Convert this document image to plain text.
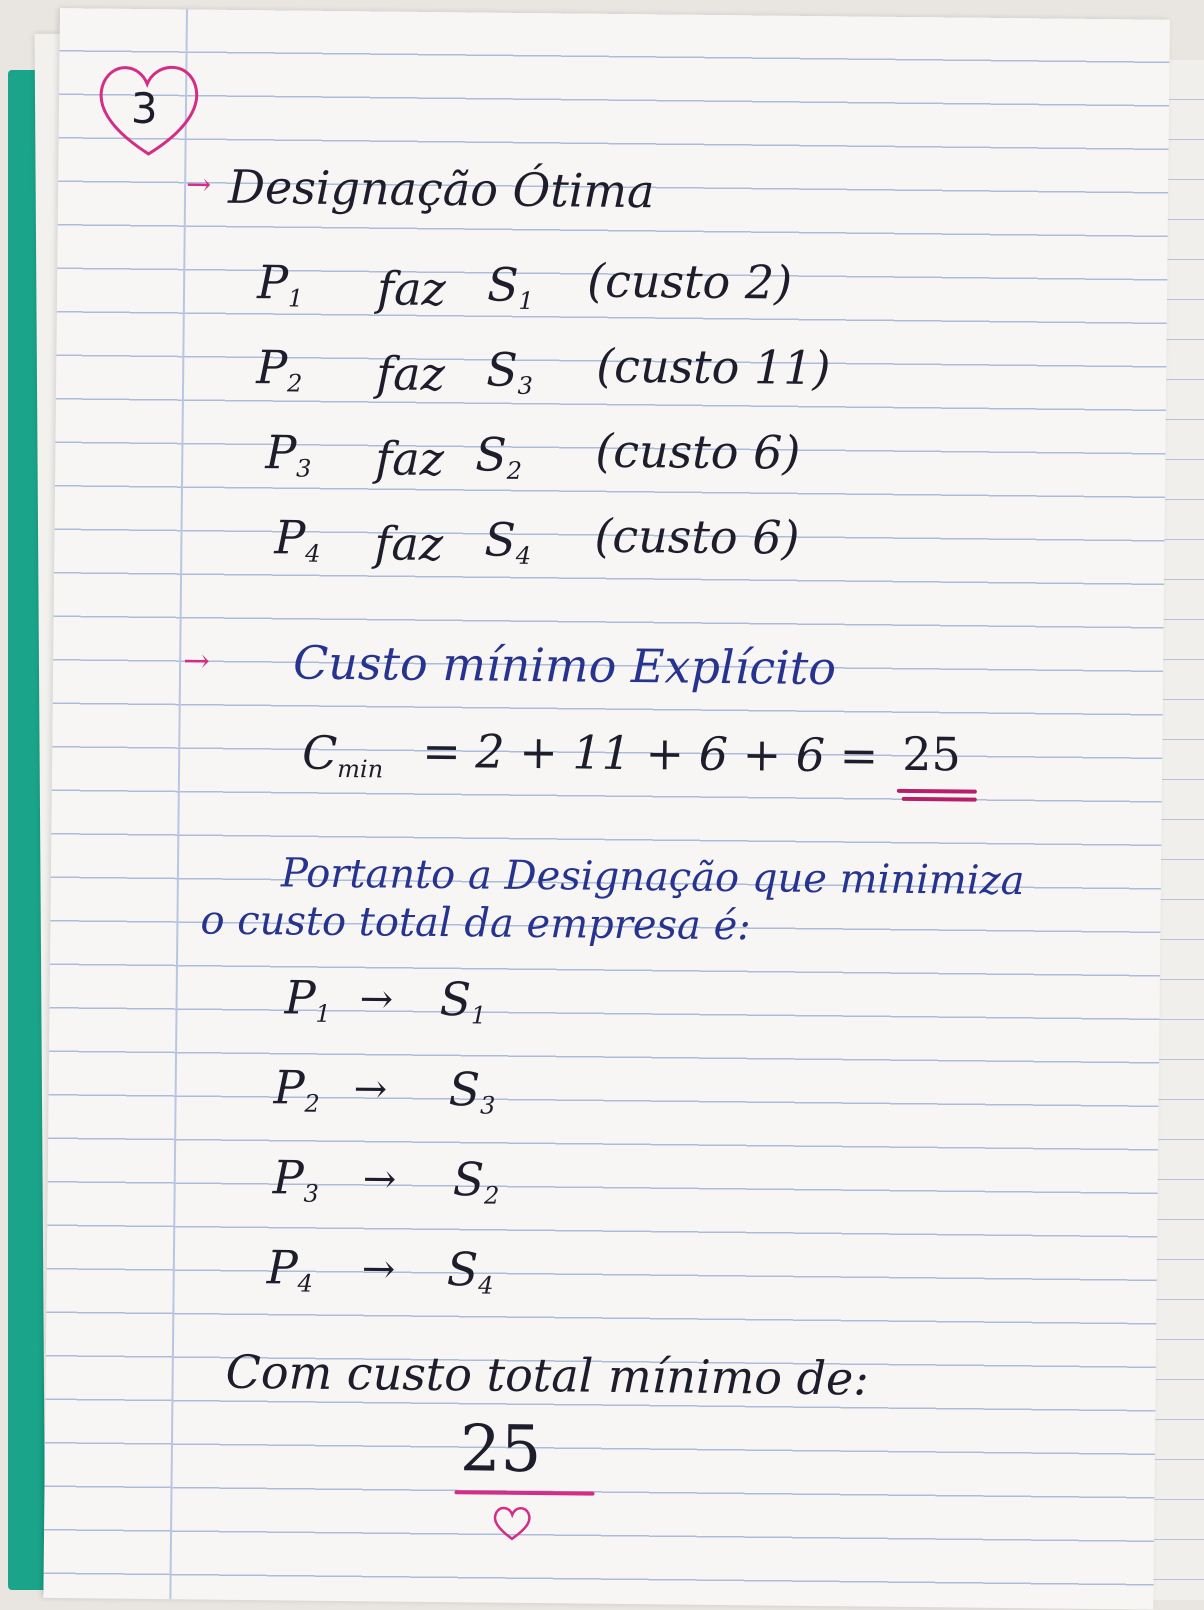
3
→ Designação Ótima
$P_1$ faz $S_1$ (custo 2)
$P_2$ faz $S_3$ (custo 11)
$P_3$ faz $S_2$ (custo 6)
$P_4$ faz $S_4$ (custo 6)
→ Custo mínimo Explícito
$C_{min} = 2 + 11 + 6 + 6 = 25$
Portanto a Designação que minimiza
o custo total da empresa é:
$P_1 \to S_1$
$P_2 \to S_3$
$P_3 \to S_2$
$P_4 \to S_4$
Com custo total mínimo de:
25
